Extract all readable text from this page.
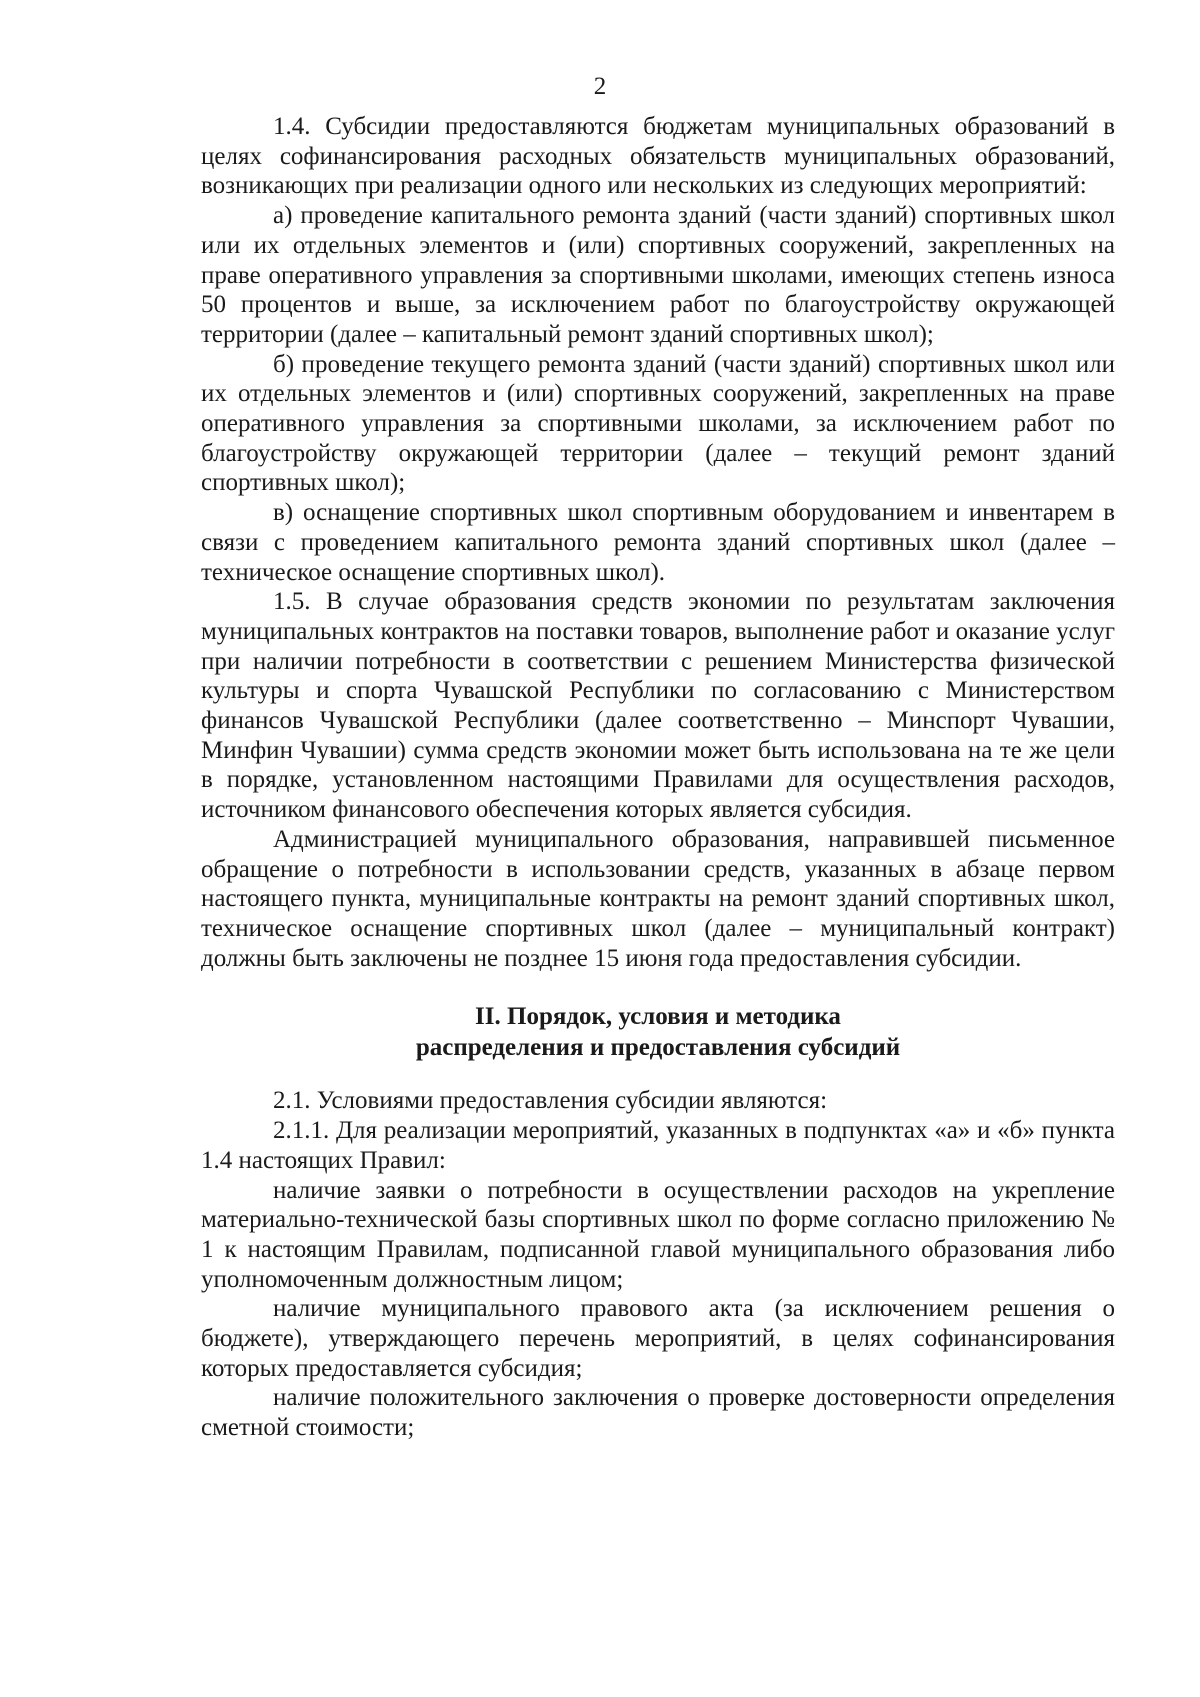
2

1.4. Субсидии предоставляются бюджетам муниципальных образований в целях софинансирования расходных обязательств муниципальных образований, возникающих при реализации одного или нескольких из следующих мероприятий:

а) проведение капитального ремонта зданий (части зданий) спортивных школ или их отдельных элементов и (или) спортивных сооружений, закрепленных на праве оперативного управления за спортивными школами, имеющих степень износа 50 процентов и выше, за исключением работ по благоустройству окружающей территории (далее – капитальный ремонт зданий спортивных школ);

б) проведение текущего ремонта зданий (части зданий) спортивных школ или их отдельных элементов и (или) спортивных сооружений, закрепленных на праве оперативного управления за спортивными школами, за исключением работ по благоустройству окружающей территории (далее – текущий ремонт зданий спортивных школ);

в) оснащение спортивных школ спортивным оборудованием и инвентарем в связи с проведением капитального ремонта зданий спортивных школ (далее – техническое оснащение спортивных школ).

1.5. В случае образования средств экономии по результатам заключения муниципальных контрактов на поставки товаров, выполнение работ и оказание услуг при наличии потребности в соответствии с решением Министерства физической культуры и спорта Чувашской Республики по согласованию с Министерством финансов Чувашской Республики (далее соответственно – Минспорт Чувашии, Минфин Чувашии) сумма средств экономии может быть использована на те же цели в порядке, установленном настоящими Правилами для осуществления расходов, источником финансового обеспечения которых является субсидия.

Администрацией муниципального образования, направившей письменное обращение о потребности в использовании средств, указанных в абзаце первом настоящего пункта, муниципальные контракты на ремонт зданий спортивных школ, техническое оснащение спортивных школ (далее – муниципальный контракт) должны быть заключены не позднее 15 июня года предоставления субсидии.

II. Порядок, условия и методика
распределения и предоставления субсидий

2.1. Условиями предоставления субсидии являются:

2.1.1. Для реализации мероприятий, указанных в подпунктах «а» и «б» пункта 1.4 настоящих Правил:

наличие заявки о потребности в осуществлении расходов на укрепление материально-технической базы спортивных школ по форме согласно приложению № 1 к настоящим Правилам, подписанной главой муниципального образования либо уполномоченным должностным лицом;

наличие муниципального правового акта (за исключением решения о бюджете), утверждающего перечень мероприятий, в целях софинансирования которых предоставляется субсидия;

наличие положительного заключения о проверке достоверности определения сметной стоимости;
